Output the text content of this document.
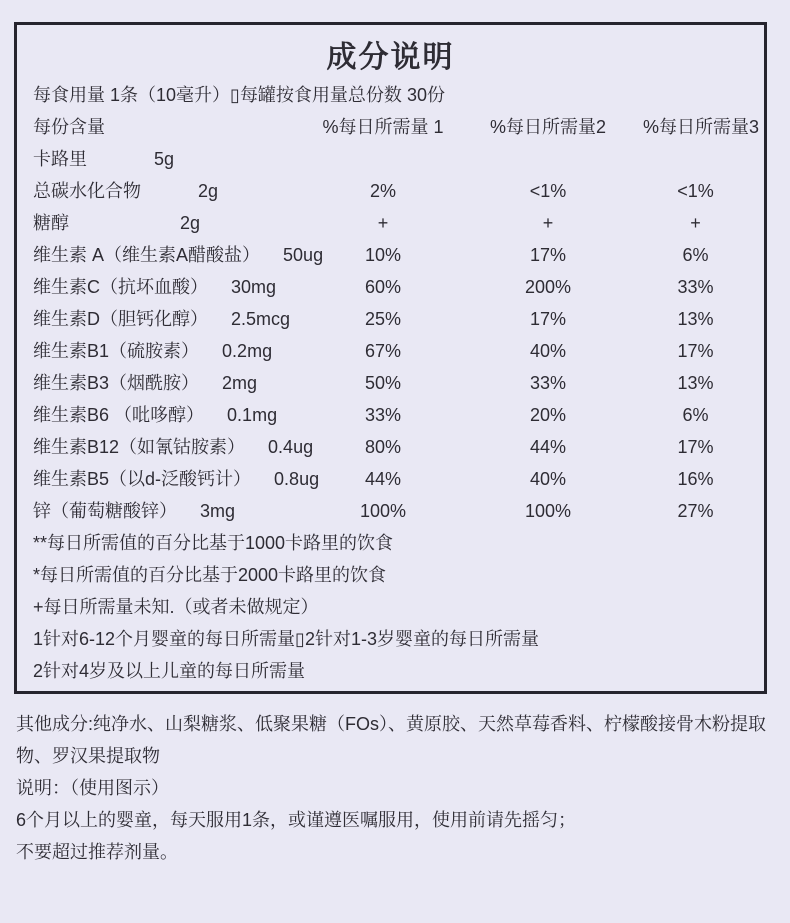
成分说明
每食用量 1条（10毫升）▯每罐按食用量总份数 30份
每份含量	%每日所需量 1	%每日所需量2	%每日所需量3
卡路里	5g
总碳水化合物	2g	2%	<1%	<1%
糖醇	2g	+	+	+
维生素 A（维生素A醋酸盐） 50ug	10%	17%	6%
维生素C（抗坏血酸） 30mg	60%	200%	33%
维生素D（胆钙化醇） 2.5mcg	25%	17%	13%
维生素B1（硫胺素） 0.2mg	67%	40%	17%
维生素B3（烟酰胺） 2mg	50%	33%	13%
维生素B6 （吡哆醇） 0.1mg	33%	20%	6%
维生素B12（如氰钴胺素） 0.4ug	80%	44%	17%
维生素B5（以d-泛酸钙计） 0.8ug	44%	40%	16%
锌（葡萄糖酸锌） 3mg	100%	100%	27%
**每日所需值的百分比基于1000卡路里的饮食
*每日所需值的百分比基于2000卡路里的饮食
+每日所需量未知.（或者未做规定）
1针对6-12个月婴童的每日所需量▯2针对1-3岁婴童的每日所需量
2针对4岁及以上儿童的每日所需量

其他成分:纯净水、山梨糖浆、低聚果糖（FOs）、黄原胶、天然草莓香料、柠檬酸接骨木粉提取物、罗汉果提取物

说明：（使用图示）

6个月以上的婴童，每天服用1条，或谨遵医嘱服用，使用前请先摇匀；

不要超过推荐剂量。
